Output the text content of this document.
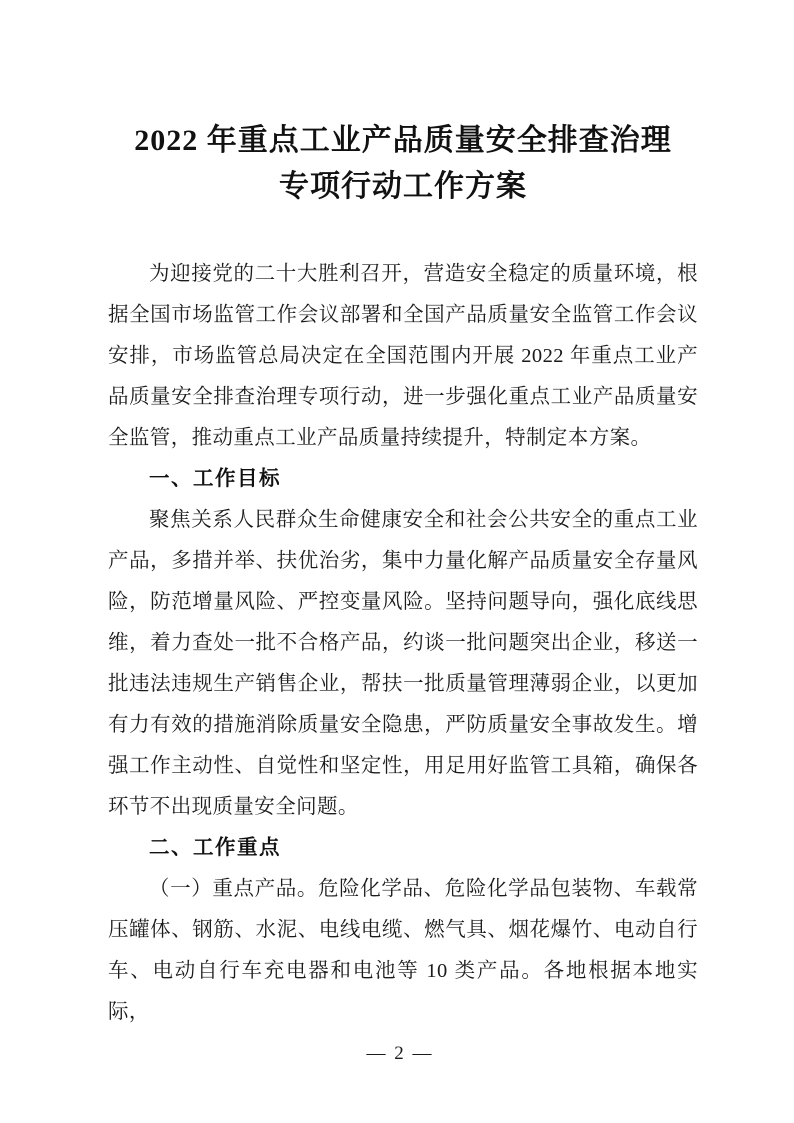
2022 年重点工业产品质量安全排查治理
专项行动工作方案

为迎接党的二十大胜利召开，营造安全稳定的质量环境，根据全国市场监管工作会议部署和全国产品质量安全监管工作会议安排，市场监管总局决定在全国范围内开展 2022 年重点工业产品质量安全排查治理专项行动，进一步强化重点工业产品质量安全监管，推动重点工业产品质量持续提升，特制定本方案。

一、工作目标

聚焦关系人民群众生命健康安全和社会公共安全的重点工业产品，多措并举、扶优治劣，集中力量化解产品质量安全存量风险，防范增量风险、严控变量风险。坚持问题导向，强化底线思维，着力查处一批不合格产品，约谈一批问题突出企业，移送一批违法违规生产销售企业，帮扶一批质量管理薄弱企业，以更加有力有效的措施消除质量安全隐患，严防质量安全事故发生。增强工作主动性、自觉性和坚定性，用足用好监管工具箱，确保各环节不出现质量安全问题。

二、工作重点

（一）重点产品。危险化学品、危险化学品包装物、车载常压罐体、钢筋、水泥、电线电缆、燃气具、烟花爆竹、电动自行车、电动自行车充电器和电池等 10 类产品。各地根据本地实际，

— 2 —
